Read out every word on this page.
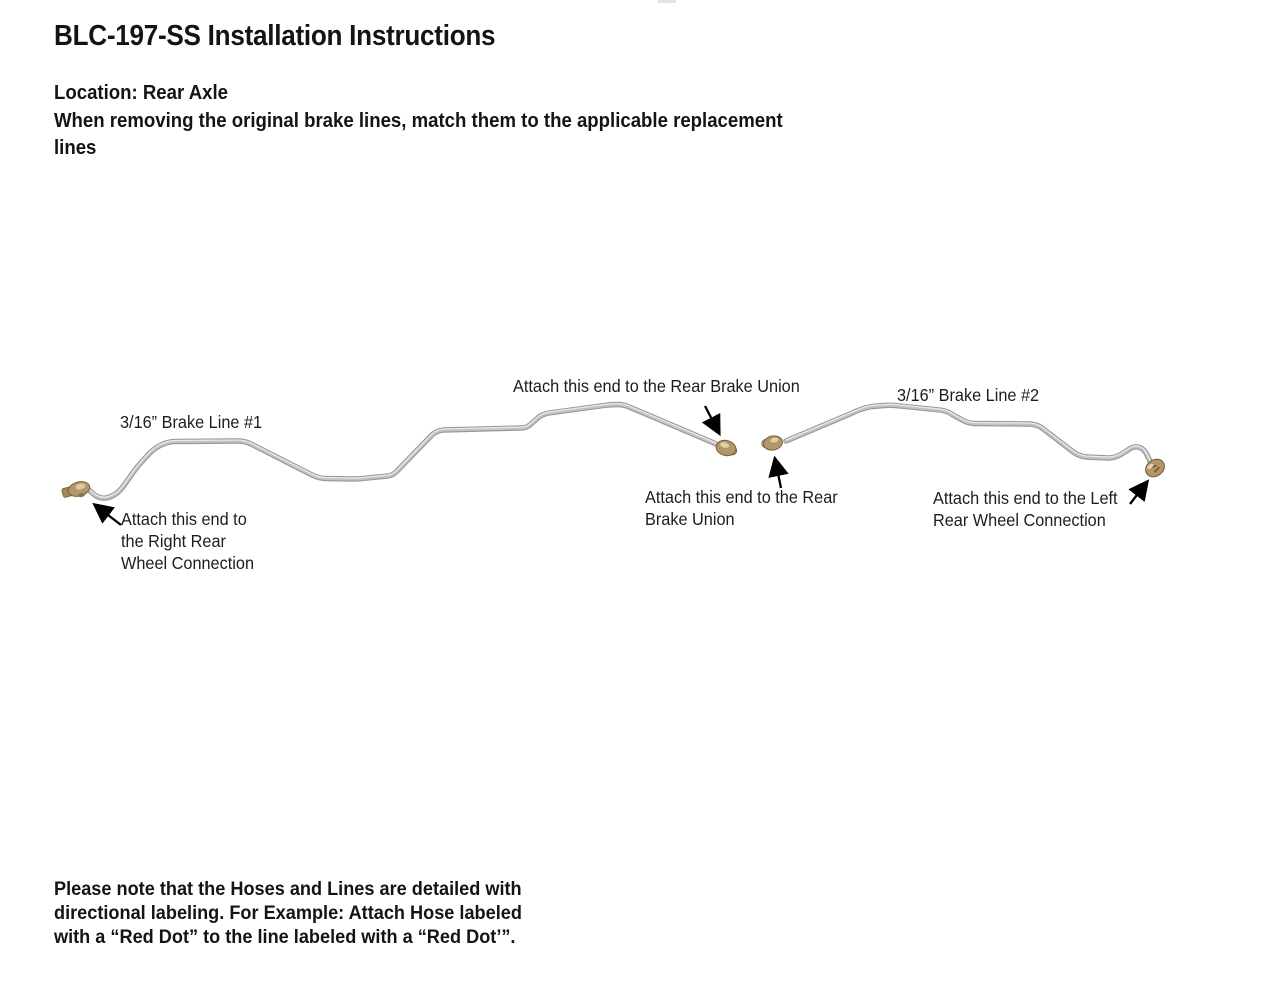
BLC-197-SS Installation Instructions
Location: Rear Axle
When removing the original brake lines, match them to the applicable replacement
lines
3/16” Brake Line #1
Attach this end to
the Right Rear
Wheel Connection
Attach this end to the Rear Brake Union
Attach this end to the Rear
Brake Union
3/16” Brake Line #2
Attach this end to the Left
Rear Wheel Connection
Please note that the Hoses and Lines are detailed with
directional labeling. For Example: Attach Hose labeled
with a “Red Dot” to the line labeled with a “Red Dot’”.
